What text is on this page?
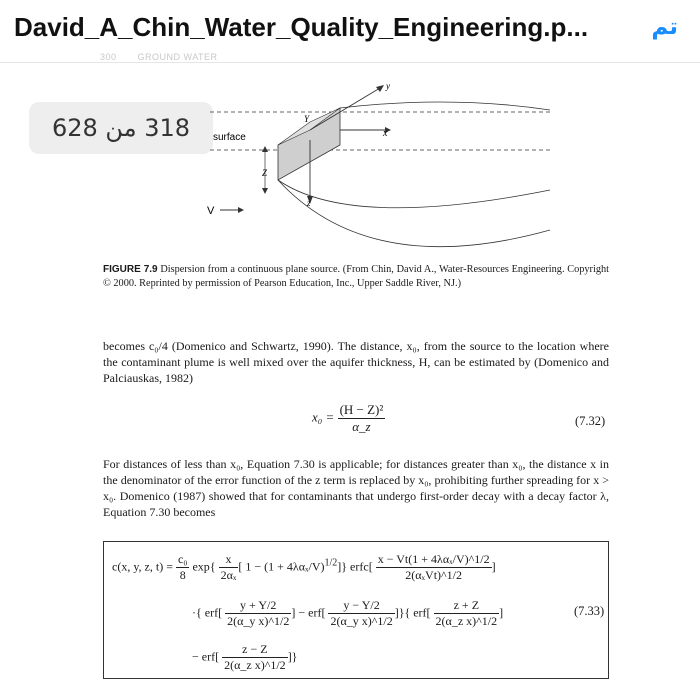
David_A_Chin_Water_Quality_Engineering.p...	تم
300 GROUND WATER
318 من 628	surface
y
Y
x
z
Z
V
FIGURE 7.9 Dispersion from a continuous plane source. (From Chin, David A., Water-Resources Engineering. Copyright © 2000. Reprinted by permission of Pearson Education, Inc., Upper Saddle River, NJ.)
becomes c₀/4 (Domenico and Schwartz, 1990). The distance, x₀, from the source to the location where the contaminant plume is well mixed over the aquifer thickness, H, can be estimated by (Domenico and Palciauskas, 1982)
$x_0 = \frac{\text{(H − Z)²}}{\alpha\_z}$	(7.32)
For distances of less than x₀, Equation 7.30 is applicable; for distances greater than x₀, the distance x in the denominator of the error function of the z term is replaced by x₀, prohibiting further spreading for x > x₀. Domenico (1987) showed that for contaminants that undergo first-order decay with a decay factor λ, Equation 7.30 becomes
c(x, y, z, $t) = \frac{\text{c₀}}{8} \exp\{ \frac{x}{\text{2αₓ}}$ [ $1 - (1 + 4\lambda\alpha_x/V)^{1/2}$]} erfc[ $\frac{\text{x − Vt(1 + 4λαₓ/V)\textasciicircum{}1/2}}{\text{2(αₓVt)\textasciicircum{}1/2}}$ ]
·{ $erf[ \frac{y + Y/2}{\text{2(α\_y x)\textasciicircum{}1/2}}$ ] − $erf[ \frac{y - Y/2}{\text{2(α\_y x)\textasciicircum{}1/2}}$ ]}{ $erf[ \frac{z + Z}{\text{2(α\_z x)\textasciicircum{}1/2}}$ ]
− $erf[ \frac{z - Z}{\text{2(α\_z x)\textasciicircum{}1/2}}$ ]}
(7.33)
